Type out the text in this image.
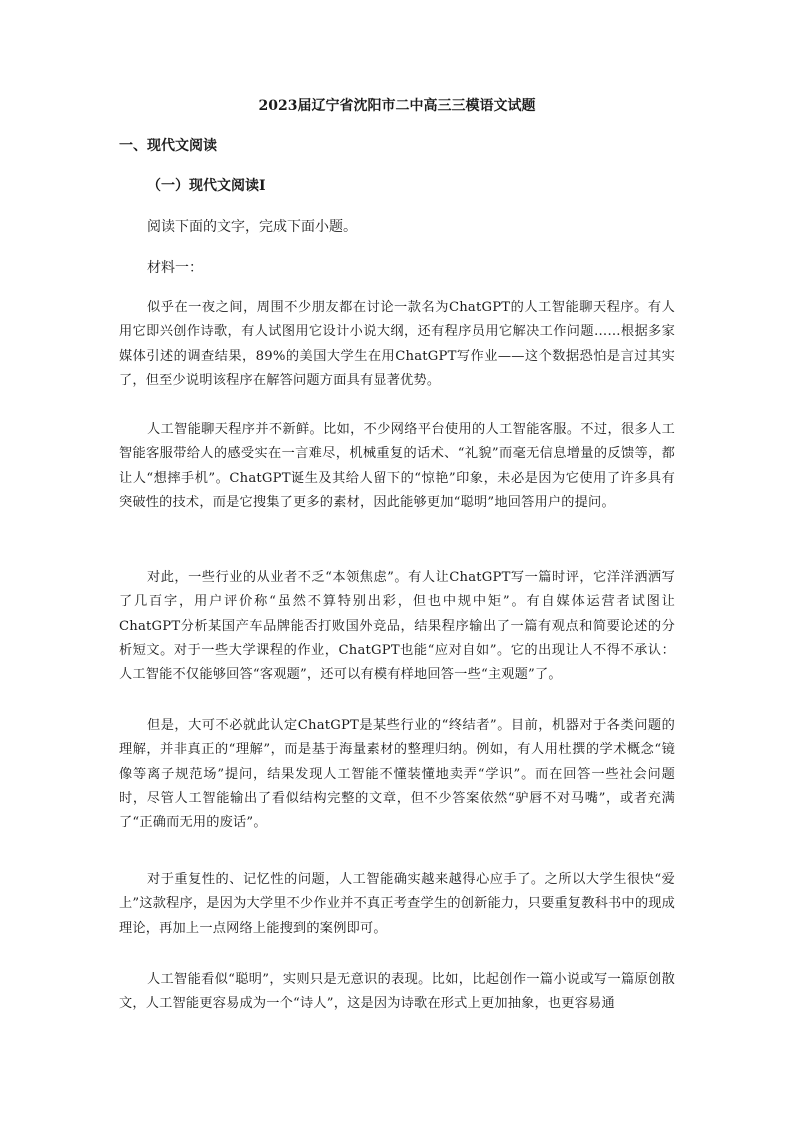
2023届辽宁省沈阳市二中高三三模语文试题
一、现代文阅读
（一）现代文阅读Ⅰ

阅读下面的文字，完成下面小题。

材料一：

似乎在一夜之间，周围不少朋友都在讨论一款名为ChatGPT的人工智能聊天程序。有人用它即兴创作诗歌，有人试图用它设计小说大纲，还有程序员用它解决工作问题……根据多家媒体引述的调查结果，89%的美国大学生在用ChatGPT写作业——这个数据恐怕是言过其实了，但至少说明该程序在解答问题方面具有显著优势。

人工智能聊天程序并不新鲜。比如，不少网络平台使用的人工智能客服。不过，很多人工智能客服带给人的感受实在一言难尽，机械重复的话术、“礼貌”而毫无信息增量的反馈等，都让人“想摔手机”。ChatGPT诞生及其给人留下的“惊艳”印象，未必是因为它使用了许多具有突破性的技术，而是它搜集了更多的素材，因此能够更加“聪明”地回答用户的提问。

对此，一些行业的从业者不乏“本领焦虑”。有人让ChatGPT写一篇时评，它洋洋洒洒写了几百字，用户评价称“虽然不算特别出彩，但也中规中矩”。有自媒体运营者试图让ChatGPT分析某国产车品牌能否打败国外竞品，结果程序输出了一篇有观点和简要论述的分析短文。对于一些大学课程的作业，ChatGPT也能“应对自如”。它的出现让人不得不承认：人工智能不仅能够回答“客观题”，还可以有模有样地回答一些“主观题”了。

但是，大可不必就此认定ChatGPT是某些行业的“终结者”。目前，机器对于各类问题的理解，并非真正的“理解”，而是基于海量素材的整理归纳。例如，有人用杜撰的学术概念“镜像等离子规范场”提问，结果发现人工智能不懂装懂地卖弄“学识”。而在回答一些社会问题时，尽管人工智能输出了看似结构完整的文章，但不少答案依然“驴唇不对马嘴”，或者充满了“正确而无用的废话”。

对于重复性的、记忆性的问题，人工智能确实越来越得心应手了。之所以大学生很快“爱上”这款程序，是因为大学里不少作业并不真正考查学生的创新能力，只要重复教科书中的现成理论，再加上一点网络上能搜到的案例即可。

人工智能看似“聪明”，实则只是无意识的表现。比如，比起创作一篇小说或写一篇原创散文，人工智能更容易成为一个“诗人”，这是因为诗歌在形式上更加抽象，也更容易通
